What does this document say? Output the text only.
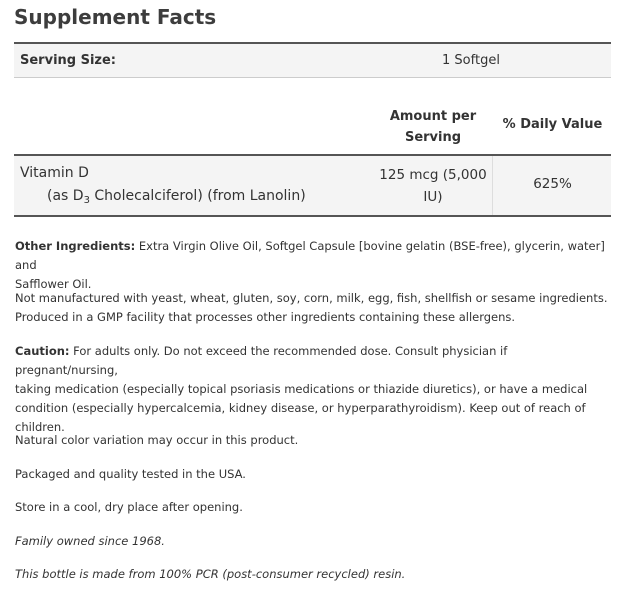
Supplement Facts
Serving Size:	1 Softgel
Amount per
Serving
% Daily Value
Vitamin D
(as $D_3$ Cholecalciferol) (from Lanolin)
125 mcg (5,000
IU)
625%
Other Ingredients: Extra Virgin Olive Oil, Softgel Capsule [bovine gelatin (BSE-free), glycerin, water] and
Safflower Oil.
Not manufactured with yeast, wheat, gluten, soy, corn, milk, egg, fish, shellfish or sesame ingredients.
Produced in a GMP facility that processes other ingredients containing these allergens.
Caution: For adults only. Do not exceed the recommended dose. Consult physician if pregnant/nursing,
taking medication (especially topical psoriasis medications or thiazide diuretics), or have a medical
condition (especially hypercalcemia, kidney disease, or hyperparathyroidism). Keep out of reach of
children.
Natural color variation may occur in this product.
Packaged and quality tested in the USA.
Store in a cool, dry place after opening.
Family owned since 1968.
This bottle is made from 100% PCR (post-consumer recycled) resin.
